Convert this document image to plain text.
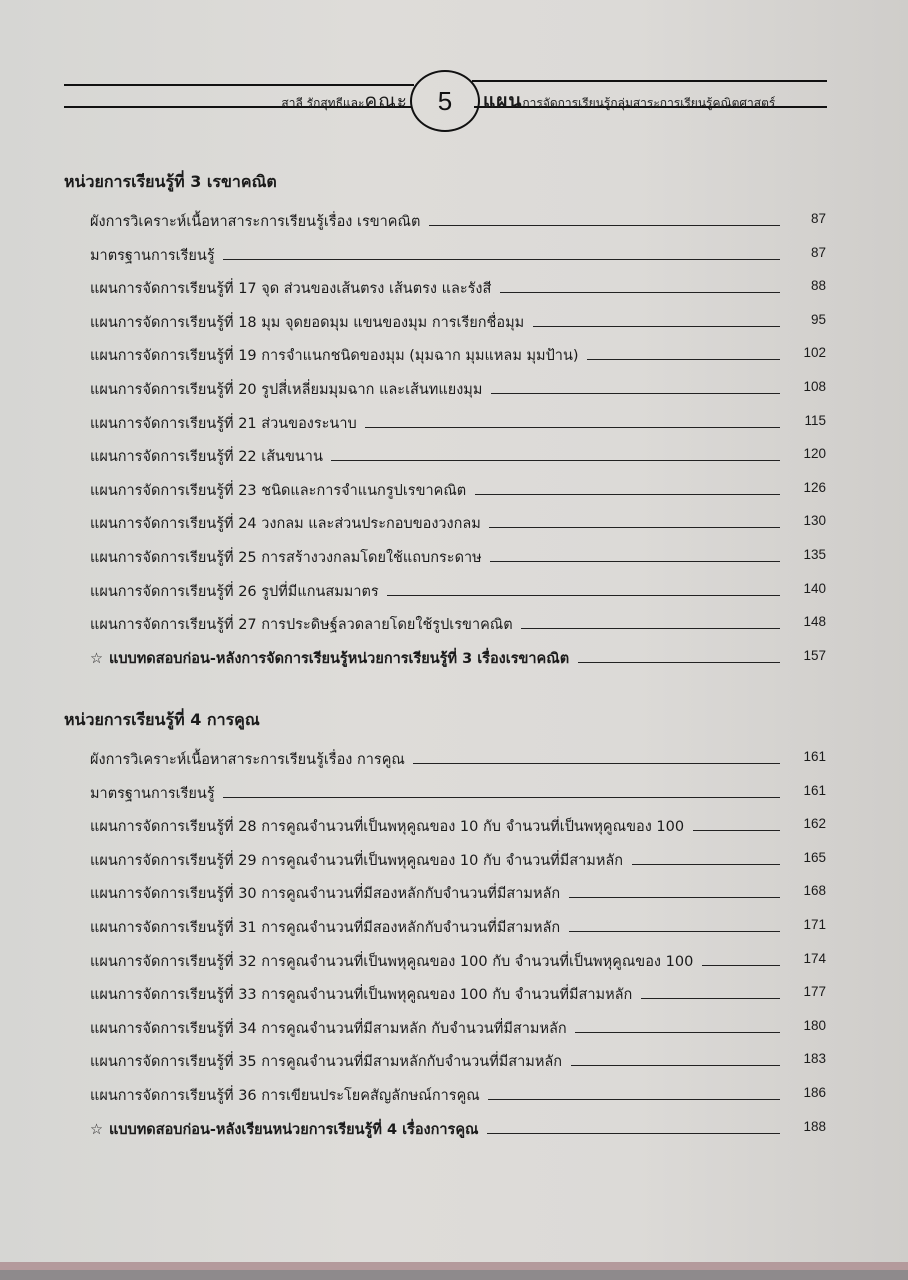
สาลี รักสุทธีและคณะ 5 แผนการจัดการเรียนรู้กลุ่มสาระการเรียนรู้คณิตศาสตร์
หน่วยการเรียนรู้ที่ 3 เรขาคณิต
ผังการวิเคราะห์เนื้อหาสาระการเรียนรู้เรื่อง เรขาคณิต	87
มาตรฐานการเรียนรู้	87
แผนการจัดการเรียนรู้ที่ 17 จุด ส่วนของเส้นตรง เส้นตรง และรังสี	88
แผนการจัดการเรียนรู้ที่ 18 มุม จุดยอดมุม แขนของมุม การเรียกชื่อมุม	95
แผนการจัดการเรียนรู้ที่ 19 การจำแนกชนิดของมุม (มุมฉาก มุมแหลม มุมป้าน)	102
แผนการจัดการเรียนรู้ที่ 20 รูปสี่เหลี่ยมมุมฉาก และเส้นทแยงมุม	108
แผนการจัดการเรียนรู้ที่ 21 ส่วนของระนาบ	115
แผนการจัดการเรียนรู้ที่ 22 เส้นขนาน	120
แผนการจัดการเรียนรู้ที่ 23 ชนิดและการจำแนกรูปเรขาคณิต	126
แผนการจัดการเรียนรู้ที่ 24 วงกลม และส่วนประกอบของวงกลม	130
แผนการจัดการเรียนรู้ที่ 25 การสร้างวงกลมโดยใช้แถบกระดาษ	135
แผนการจัดการเรียนรู้ที่ 26 รูปที่มีแกนสมมาตร	140
แผนการจัดการเรียนรู้ที่ 27 การประดิษฐ์ลวดลายโดยใช้รูปเรขาคณิต	148
☆ แบบทดสอบก่อน-หลังการจัดการเรียนรู้หน่วยการเรียนรู้ที่ 3 เรื่องเรขาคณิต	157
หน่วยการเรียนรู้ที่ 4 การคูณ
ผังการวิเคราะห์เนื้อหาสาระการเรียนรู้เรื่อง การคูณ	161
มาตรฐานการเรียนรู้	161
แผนการจัดการเรียนรู้ที่ 28 การคูณจำนวนที่เป็นพหุคูณของ 10 กับ จำนวนที่เป็นพหุคูณของ 100	162
แผนการจัดการเรียนรู้ที่ 29 การคูณจำนวนที่เป็นพหุคูณของ 10 กับ จำนวนที่มีสามหลัก	165
แผนการจัดการเรียนรู้ที่ 30 การคูณจำนวนที่มีสองหลักกับจำนวนที่มีสามหลัก	168
แผนการจัดการเรียนรู้ที่ 31 การคูณจำนวนที่มีสองหลักกับจำนวนที่มีสามหลัก	171
แผนการจัดการเรียนรู้ที่ 32 การคูณจำนวนที่เป็นพหุคูณของ 100 กับ จำนวนที่เป็นพหุคูณของ 100	174
แผนการจัดการเรียนรู้ที่ 33 การคูณจำนวนที่เป็นพหุคูณของ 100 กับ จำนวนที่มีสามหลัก	177
แผนการจัดการเรียนรู้ที่ 34 การคูณจำนวนที่มีสามหลัก กับจำนวนที่มีสามหลัก	180
แผนการจัดการเรียนรู้ที่ 35 การคูณจำนวนที่มีสามหลักกับจำนวนที่มีสามหลัก	183
แผนการจัดการเรียนรู้ที่ 36 การเขียนประโยคสัญลักษณ์การคูณ	186
☆ แบบทดสอบก่อน-หลังเรียนหน่วยการเรียนรู้ที่ 4 เรื่องการคูณ	188
